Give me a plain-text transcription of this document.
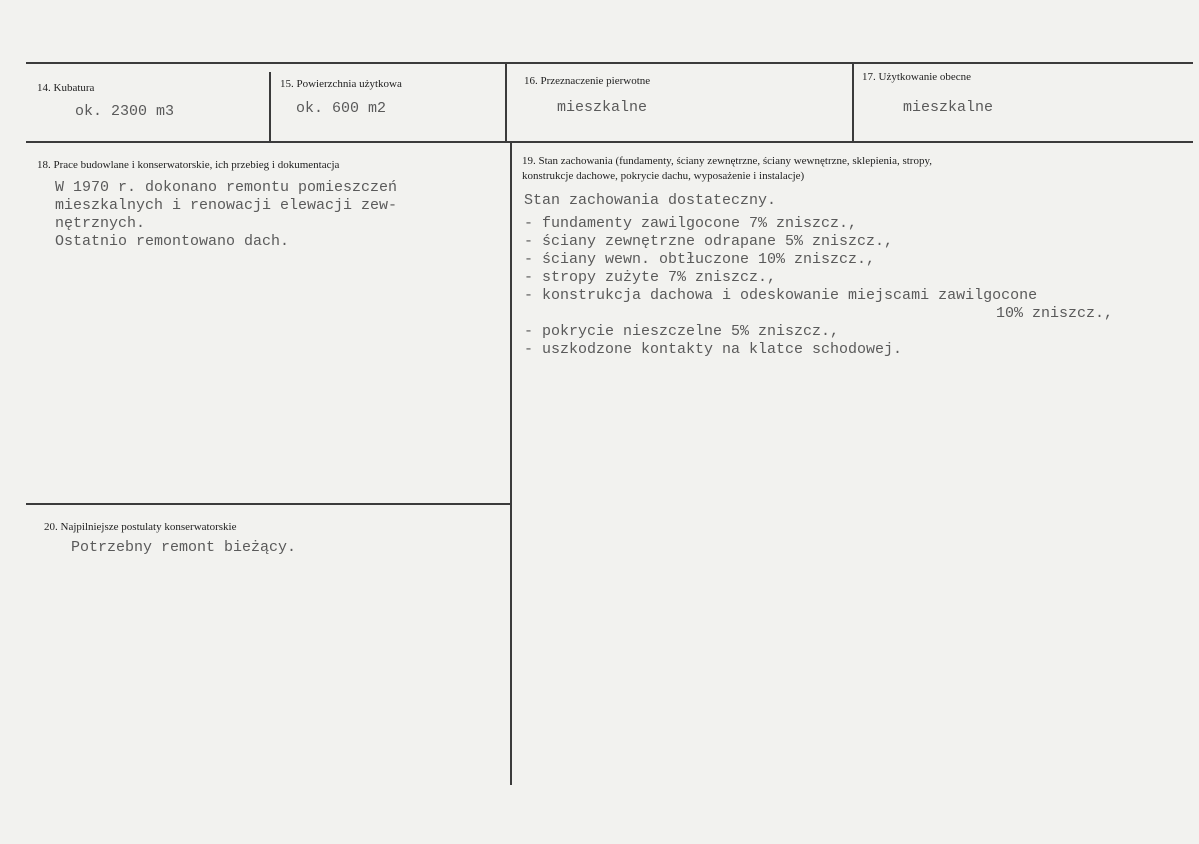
14. Kubatura
ok. 2300 m3
15. Powierzchnia użytkowa
ok. 600 m2
16. Przeznaczenie pierwotne
mieszkalne
17. Użytkowanie obecne
mieszkalne
18. Prace budowlane i konserwatorskie, ich przebieg i dokumentacja
W 1970 r. dokonano remontu pomieszczeń
mieszkalnych i renowacji elewacji zew-
nętrznych.
Ostatnio remontowano dach.
19. Stan zachowania (fundamenty, ściany zewnętrzne, ściany wewnętrzne, sklepienia, stropy,
konstrukcje dachowe, pokrycie dachu, wyposażenie i instalacje)
Stan zachowania dostateczny.
- fundamenty zawilgocone 7% zniszcz.,
- ściany zewnętrzne odrapane 5% zniszcz.,
- ściany wewn. obtłuczone 10% zniszcz.,
- stropy zużyte 7% zniszcz.,
- konstrukcja dachowa i odeskowanie miejscami zawilgocone
10% zniszcz.,
- pokrycie nieszczelne 5% zniszcz.,
- uszkodzone kontakty na klatce schodowej.
20. Najpilniejsze postulaty konserwatorskie
Potrzebny remont bieżący.
